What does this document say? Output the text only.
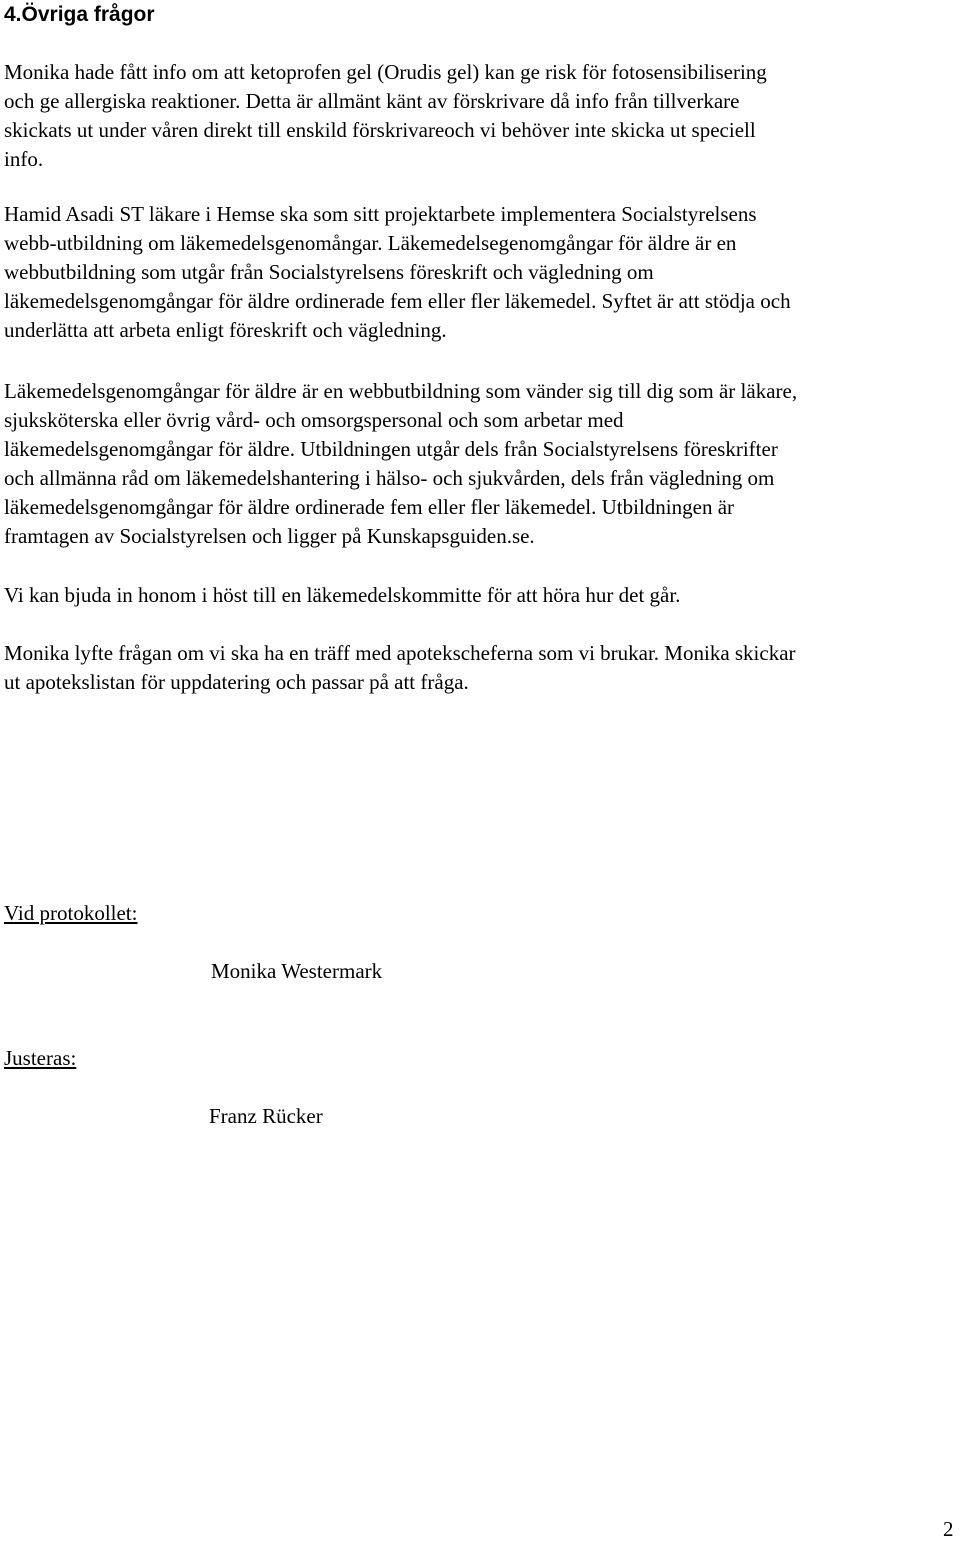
4.Övriga frågor

Monika hade fått info om att ketoprofen gel (Orudis gel) kan ge risk för fotosensibilisering
och ge allergiska reaktioner. Detta är allmänt känt av förskrivare då info från tillverkare
skickats ut under våren direkt till enskild förskrivareoch vi behöver inte skicka ut speciell
info.

Hamid Asadi ST läkare i Hemse ska som sitt projektarbete implementera Socialstyrelsens
webb-utbildning om läkemedelsgenomångar. Läkemedelsegenomgångar för äldre är en
webbutbildning som utgår från Socialstyrelsens föreskrift och vägledning om
läkemedelsgenomgångar för äldre ordinerade fem eller fler läkemedel. Syftet är att stödja och
underlätta att arbeta enligt föreskrift och vägledning.

Läkemedelsgenomgångar för äldre är en webbutbildning som vänder sig till dig som är läkare,
sjuksköterska eller övrig vård- och omsorgspersonal och som arbetar med
läkemedelsgenomgångar för äldre. Utbildningen utgår dels från Socialstyrelsens föreskrifter
och allmänna råd om läkemedelshantering i hälso- och sjukvården, dels från vägledning om
läkemedelsgenomgångar för äldre ordinerade fem eller fler läkemedel. Utbildningen är
framtagen av Socialstyrelsen och ligger på Kunskapsguiden.se.

Vi kan bjuda in honom i höst till en läkemedelskommitte för att höra hur det går.

Monika lyfte frågan om vi ska ha en träff med apotekscheferna som vi brukar. Monika skickar
ut apotekslistan för uppdatering och passar på att fråga.

Vid protokollet:

Monika Westermark

Justeras:

Franz Rücker

2
